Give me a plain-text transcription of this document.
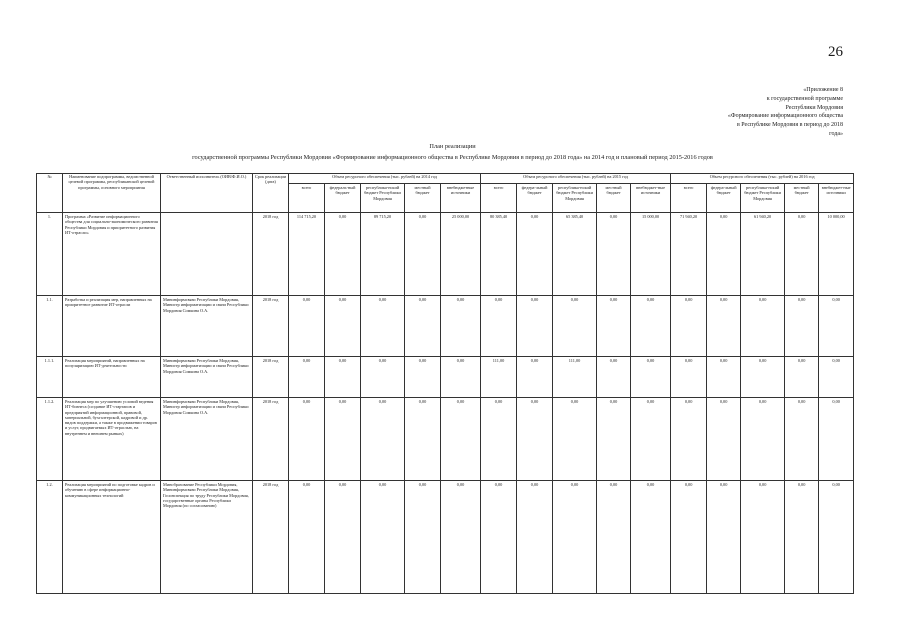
26
«Приложение 8
к государственной программе
Республики Мордовия
«Формирование информационного общества
в Республике Мордовия в период до 2018
года»
План реализации
государственной программы Республики Мордовия «Формирование информационного общества в Республике Мордовия в период до 2018 года» на 2014 год и плановый период 2015-2016 годов
№	Наименование подпрограммы, ведомственной целевой программы, республиканской целевой программы, основного мероприятия	Ответственный исполнитель (ОИВ/Ф.И.О.)	Срок реализации (дата)	Объем ресурсного обеспечения (тыс. рублей) на 2014 год					Объем ресурсного обеспечения (тыс. рублей) на 2015 год					Объем ресурсного обеспечения (тыс. рублей) на 2016 год				
				всего	федераль-ный бюджет	республика-нский бюджет Республики Мордовия	местный бюджет	внебюджетные источники	всего	федера-льный бюджет	республика-нский бюджет Республики Мордовия	местный бюджет	внебюджет-ные источники	всего	федера-льный бюджет	республика-нский бюджет Республики Мордовия	местный бюджет	внебюджет-ные источники
1.	Программа «Развитие информационного общества для социально-экономического развития Республики Мордовия и приоритетного развития ИТ-отрасли»		2018 год	114 715,20	0,00	89 715,20	0,00	25 000,00	80 385,40	0,00	65 385,40	0,00	15 000,00	71 940,20	0,00	61 940,20	0,00	10 000,00
1.1.	Разработка и реализация мер, направленных на приоритетное развитие ИТ-отрасли	Мининформсвязи Республики Мордовия, Министр информатизации и связи Республики Мордовия Сомкина О.А.	2018 год	0,00	0,00	0,00	0,00	0,00	0,00	0,00	0,00	0,00	0,00	0,00	0,00	0,00	0,00	0,00
1.1.1.	Реализация мероприятий, направленных на популяризацию ИТ-деятельности	Мининформсвязи Республики Мордовия, Министр информатизации и связи Республики Мордовия Сомкина О.А.	2018 год	0,00	0,00	0,00	0,00	0,00	111,00	0,00	111,00	0,00	0,00	0,00	0,00	0,00	0,00	0,00
1.1.2.	Реализация мер по улучшению условий ведения ИТ-бизнеса (создание ИТ-стартапов и предприятий информационной, правовой, материальной, бухгалтерской, кадровой и др. видов поддержки, а также в продвижении товаров и услуг, продвигаемых ИТ-отраслью, на внутреннем и внешнем рынках)	Мининформсвязи Республики Мордовия, Министр информатизации и связи Республики Мордовия Сомкина О.А.	2018 год	0,00	0,00	0,00	0,00	0,00	0,00	0,00	0,00	0,00	0,00	0,00	0,00	0,00	0,00	0,00
1.2.	Реализация мероприятий по подготовке кадров и обучению в сфере информационно-коммуникационных технологий	Минобразование Республики Мордовия, Мининформсвязи Республики Мордовия, Госинспекция по труду Республики Мордовия, государственные органы Республики Мордовия (по согласованию)	2018 год	0,00	0,00	0,00	0,00	0,00	0,00	0,00	0,00	0,00	0,00	0,00	0,00	0,00	0,00	0,00
